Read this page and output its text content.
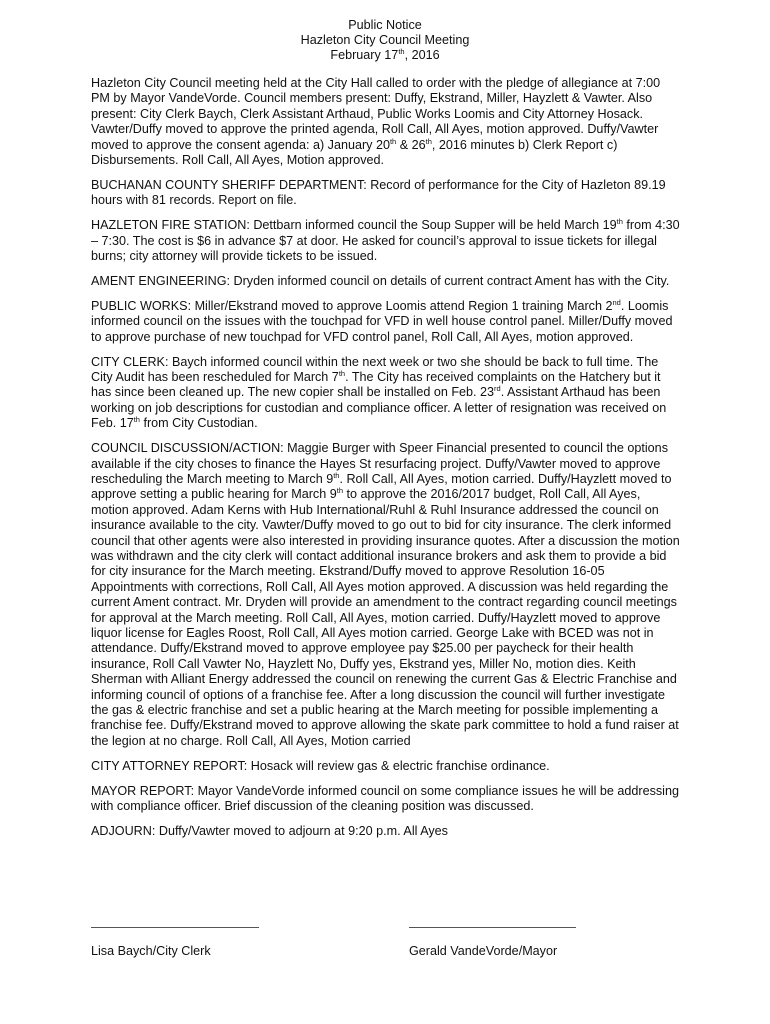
Public Notice
Hazleton City Council Meeting
February 17th, 2016

Hazleton City Council meeting held at the City Hall called to order with the pledge of allegiance at 7:00 PM by Mayor VandeVorde. Council members present: Duffy, Ekstrand, Miller, Hayzlett & Vawter. Also present: City Clerk Baych, Clerk Assistant Arthaud, Public Works Loomis and City Attorney Hosack. Vawter/Duffy moved to approve the printed agenda, Roll Call, All Ayes, motion approved. Duffy/Vawter moved to approve the consent agenda: a) January 20th & 26th, 2016 minutes b) Clerk Report c) Disbursements. Roll Call, All Ayes, Motion approved.

BUCHANAN COUNTY SHERIFF DEPARTMENT: Record of performance for the City of Hazleton 89.19 hours with 81 records. Report on file.

HAZLETON FIRE STATION: Dettbarn informed council the Soup Supper will be held March 19th from 4:30 – 7:30. The cost is $6 in advance $7 at door. He asked for council’s approval to issue tickets for illegal burns; city attorney will provide tickets to be issued.

AMENT ENGINEERING: Dryden informed council on details of current contract Ament has with the City.

PUBLIC WORKS: Miller/Ekstrand moved to approve Loomis attend Region 1 training March 2nd. Loomis informed council on the issues with the touchpad for VFD in well house control panel. Miller/Duffy moved to approve purchase of new touchpad for VFD control panel, Roll Call, All Ayes, motion approved.

CITY CLERK: Baych informed council within the next week or two she should be back to full time. The City Audit has been rescheduled for March 7th. The City has received complaints on the Hatchery but it has since been cleaned up. The new copier shall be installed on Feb. 23rd. Assistant Arthaud has been working on job descriptions for custodian and compliance officer. A letter of resignation was received on Feb. 17th from City Custodian.

COUNCIL DISCUSSION/ACTION: Maggie Burger with Speer Financial presented to council the options available if the city choses to finance the Hayes St resurfacing project. Duffy/Vawter moved to approve rescheduling the March meeting to March 9th. Roll Call, All Ayes, motion carried. Duffy/Hayzlett moved to approve setting a public hearing for March 9th to approve the 2016/2017 budget, Roll Call, All Ayes, motion approved. Adam Kerns with Hub International/Ruhl & Ruhl Insurance addressed the council on insurance available to the city. Vawter/Duffy moved to go out to bid for city insurance. The clerk informed council that other agents were also interested in providing insurance quotes. After a discussion the motion was withdrawn and the city clerk will contact additional insurance brokers and ask them to provide a bid for city insurance for the March meeting. Ekstrand/Duffy moved to approve Resolution 16-05 Appointments with corrections, Roll Call, All Ayes motion approved. A discussion was held regarding the current Ament contract. Mr. Dryden will provide an amendment to the contract regarding council meetings for approval at the March meeting. Roll Call, All Ayes, motion carried. Duffy/Hayzlett moved to approve liquor license for Eagles Roost, Roll Call, All Ayes motion carried. George Lake with BCED was not in attendance. Duffy/Ekstrand moved to approve employee pay $25.00 per paycheck for their health insurance, Roll Call Vawter No, Hayzlett No, Duffy yes, Ekstrand yes, Miller No, motion dies. Keith Sherman with Alliant Energy addressed the council on renewing the current Gas & Electric Franchise and informing council of options of a franchise fee. After a long discussion the council will further investigate the gas & electric franchise and set a public hearing at the March meeting for possible implementing a franchise fee. Duffy/Ekstrand moved to approve allowing the skate park committee to hold a fund raiser at the legion at no charge. Roll Call, All Ayes, Motion carried

CITY ATTORNEY REPORT: Hosack will review gas & electric franchise ordinance.

MAYOR REPORT: Mayor VandeVorde informed council on some compliance issues he will be addressing with compliance officer. Brief discussion of the cleaning position was discussed.

ADJOURN: Duffy/Vawter moved to adjourn at 9:20 p.m. All Ayes

Lisa Baych/City Clerk	Gerald VandeVorde/Mayor
